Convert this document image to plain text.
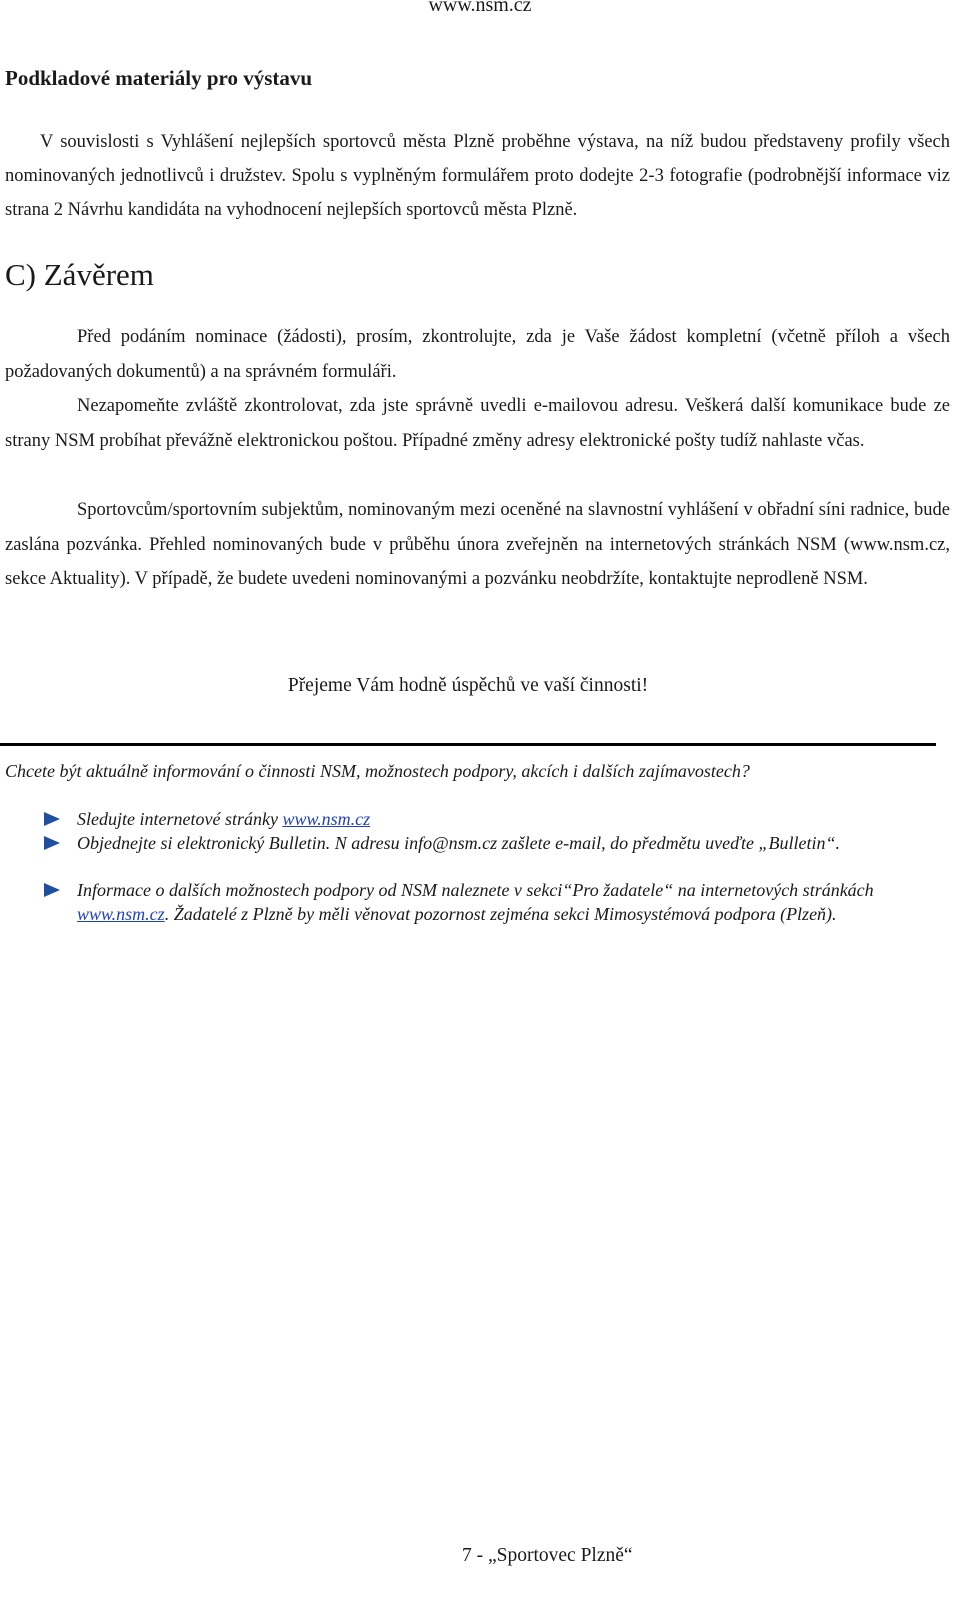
www.nsm.cz
Podkladové materiály pro výstavu

V souvislosti s Vyhlášení nejlepších sportovců města Plzně proběhne výstava, na níž budou představeny profily všech nominovaných jednotlivců i družstev. Spolu s vyplněným formulářem proto dodejte 2-3 fotografie (podrobnější informace viz strana 2 Návrhu kandidáta na vyhodnocení nejlepších sportovců města Plzně.

C) Závěrem

Před podáním nominace (žádosti), prosím, zkontrolujte, zda je Vaše žádost kompletní (včetně příloh a všech požadovaných dokumentů) a na správném formuláři.

Nezapomeňte zvláště zkontrolovat, zda jste správně uvedli e-mailovou adresu. Veškerá další komunikace bude ze strany NSM probíhat převážně elektronickou poštou. Případné změny adresy elektronické pošty tudíž nahlaste včas.

Sportovcům/sportovním subjektům, nominovaným mezi oceněné na slavnostní vyhlášení v obřadní síni radnice, bude zaslána pozvánka. Přehled nominovaných bude v průběhu února zveřejněn na internetových stránkách NSM (www.nsm.cz, sekce Aktuality). V případě, že budete uvedeni nominovanými a pozvánku neobdržíte, kontaktujte neprodleně NSM.

Přejeme Vám hodně úspěchů ve vaší činnosti!
Chcete být aktuálně informování o činnosti NSM, možnostech podpory, akcích i dalších zajímavostech?
Sledujte internetové stránky www.nsm.cz
Objednejte si elektronický Bulletin. N adresu info@nsm.cz zašlete e-mail, do předmětu uveďte „Bulletin“.
Informace o dalších možnostech podpory od NSM naleznete v sekci“Pro žadatele“ na internetových stránkách www.nsm.cz. Žadatelé z Plzně by měli věnovat pozornost zejména sekci Mimosystémová podpora (Plzeň).
7 - „Sportovec Plzně“
